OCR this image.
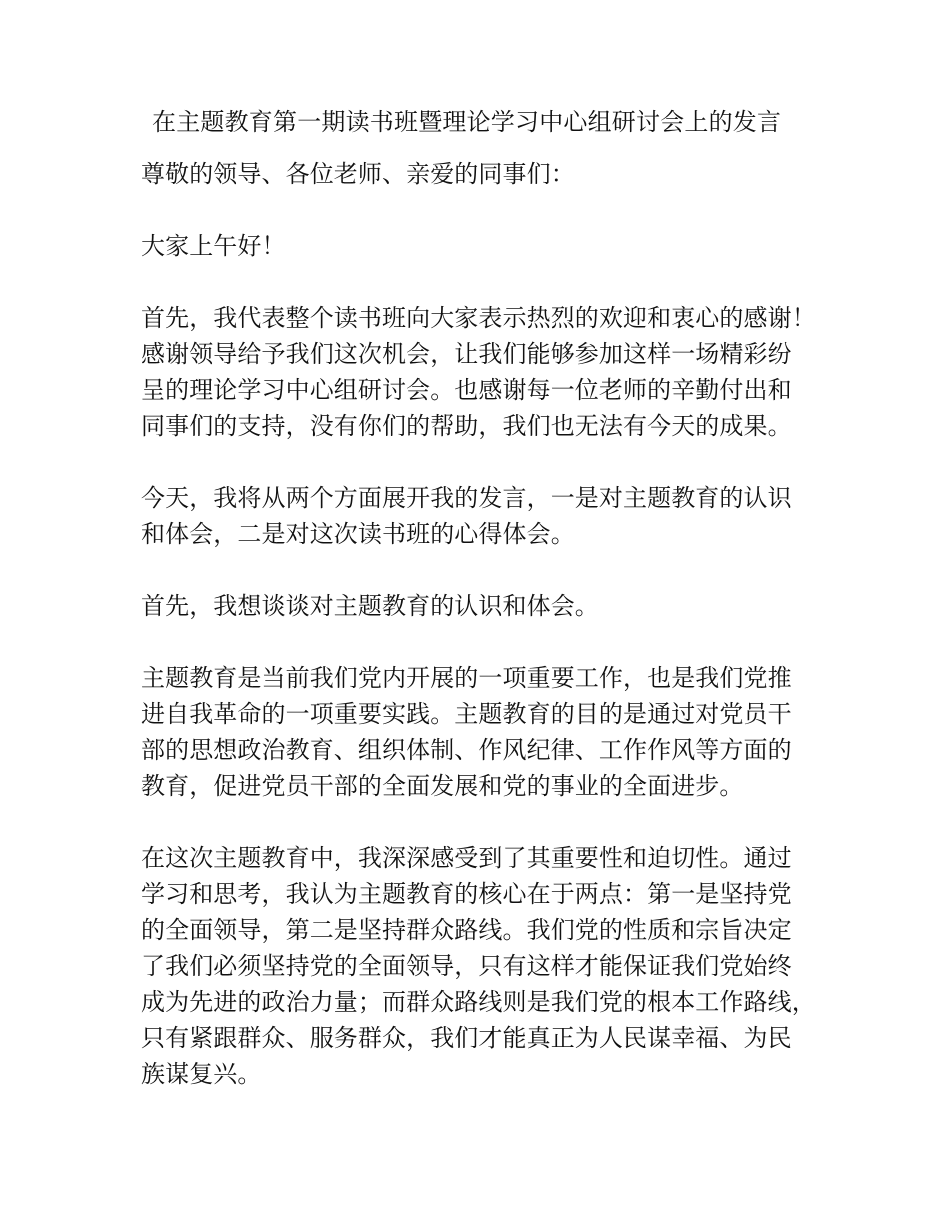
在主题教育第一期读书班暨理论学习中心组研讨会上的发言

尊敬的领导、各位老师、亲爱的同事们：

大家上午好！

首先，我代表整个读书班向大家表示热烈的欢迎和衷心的感谢！
感谢领导给予我们这次机会，让我们能够参加这样一场精彩纷
呈的理论学习中心组研讨会。也感谢每一位老师的辛勤付出和
同事们的支持，没有你们的帮助，我们也无法有今天的成果。

今天，我将从两个方面展开我的发言，一是对主题教育的认识
和体会，二是对这次读书班的心得体会。

首先，我想谈谈对主题教育的认识和体会。

主题教育是当前我们党内开展的一项重要工作，也是我们党推
进自我革命的一项重要实践。主题教育的目的是通过对党员干
部的思想政治教育、组织体制、作风纪律、工作作风等方面的
教育，促进党员干部的全面发展和党的事业的全面进步。

在这次主题教育中，我深深感受到了其重要性和迫切性。通过
学习和思考，我认为主题教育的核心在于两点：第一是坚持党
的全面领导，第二是坚持群众路线。我们党的性质和宗旨决定
了我们必须坚持党的全面领导，只有这样才能保证我们党始终
成为先进的政治力量；而群众路线则是我们党的根本工作路线，
只有紧跟群众、服务群众，我们才能真正为人民谋幸福、为民
族谋复兴。
